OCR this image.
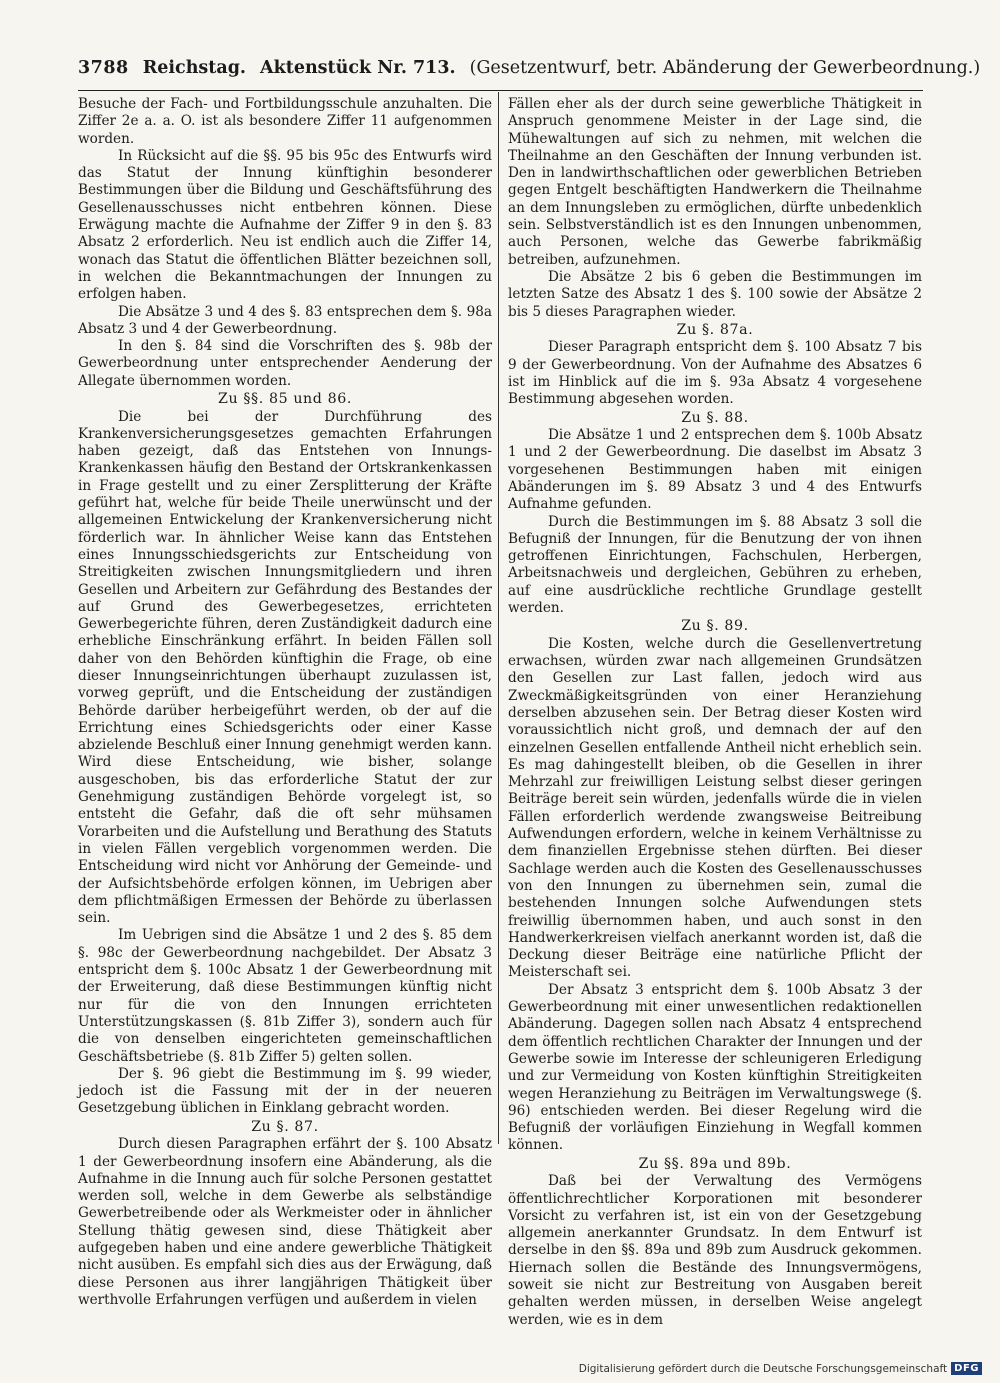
3788 Reichstag. Aktenstück Nr. 713. (Gesetzentwurf, betr. Abänderung der Gewerbeordnung.)

Besuche der Fach- und Fortbildungsschule anzuhalten. Die Ziffer 2e a. a. O. ist als besondere Ziffer 11 aufgenommen worden.

In Rücksicht auf die §§. 95 bis 95c des Entwurfs wird das Statut der Innung künftighin besonderer Bestimmungen über die Bildung und Geschäftsführung des Gesellenausschusses nicht entbehren können. Diese Erwägung machte die Aufnahme der Ziffer 9 in den §. 83 Absatz 2 erforderlich. Neu ist endlich auch die Ziffer 14, wonach das Statut die öffentlichen Blätter bezeichnen soll, in welchen die Bekanntmachungen der Innungen zu erfolgen haben.

Die Absätze 3 und 4 des §. 83 entsprechen dem §. 98a Absatz 3 und 4 der Gewerbeordnung.

In den §. 84 sind die Vorschriften des §. 98b der Gewerbeordnung unter entsprechender Aenderung der Allegate übernommen worden.

Zu §§. 85 und 86.

Die bei der Durchführung des Krankenversicherungsgesetzes gemachten Erfahrungen haben gezeigt, daß das Entstehen von Innungs-Krankenkassen häufig den Bestand der Ortskrankenkassen in Frage gestellt und zu einer Zersplitterung der Kräfte geführt hat, welche für beide Theile unerwünscht und der allgemeinen Entwickelung der Krankenversicherung nicht förderlich war. In ähnlicher Weise kann das Entstehen eines Innungsschiedsgerichts zur Entscheidung von Streitigkeiten zwischen Innungsmitgliedern und ihren Gesellen und Arbeitern zur Gefährdung des Bestandes der auf Grund des Gewerbegesetzes, errichteten Gewerbegerichte führen, deren Zuständigkeit dadurch eine erhebliche Einschränkung erfährt. In beiden Fällen soll daher von den Behörden künftighin die Frage, ob eine dieser Innungseinrichtungen überhaupt zuzulassen ist, vorweg geprüft, und die Entscheidung der zuständigen Behörde darüber herbeigeführt werden, ob der auf die Errichtung eines Schiedsgerichts oder einer Kasse abzielende Beschluß einer Innung genehmigt werden kann. Wird diese Entscheidung, wie bisher, solange ausgeschoben, bis das erforderliche Statut der zur Genehmigung zuständigen Behörde vorgelegt ist, so entsteht die Gefahr, daß die oft sehr mühsamen Vorarbeiten und die Aufstellung und Berathung des Statuts in vielen Fällen vergeblich vorgenommen werden. Die Entscheidung wird nicht vor Anhörung der Gemeinde- und der Aufsichtsbehörde erfolgen können, im Uebrigen aber dem pflichtmäßigen Ermessen der Behörde zu überlassen sein.

Im Uebrigen sind die Absätze 1 und 2 des §. 85 dem §. 98c der Gewerbeordnung nachgebildet. Der Absatz 3 entspricht dem §. 100c Absatz 1 der Gewerbeordnung mit der Erweiterung, daß diese Bestimmungen künftig nicht nur für die von den Innungen errichteten Unterstützungskassen (§. 81b Ziffer 3), sondern auch für die von denselben eingerichteten gemeinschaftlichen Geschäftsbetriebe (§. 81b Ziffer 5) gelten sollen.

Der §. 96 giebt die Bestimmung im §. 99 wieder, jedoch ist die Fassung mit der in der neueren Gesetzgebung üblichen in Einklang gebracht worden.

Zu §. 87.

Durch diesen Paragraphen erfährt der §. 100 Absatz 1 der Gewerbeordnung insofern eine Abänderung, als die Aufnahme in die Innung auch für solche Personen gestattet werden soll, welche in dem Gewerbe als selbständige Gewerbetreibende oder als Werkmeister oder in ähnlicher Stellung thätig gewesen sind, diese Thätigkeit aber aufgegeben haben und eine andere gewerbliche Thätigkeit nicht ausüben. Es empfahl sich dies aus der Erwägung, daß diese Personen aus ihrer langjährigen Thätigkeit über werthvolle Erfahrungen verfügen und außerdem in vielen

Fällen eher als der durch seine gewerbliche Thätigkeit in Anspruch genommene Meister in der Lage sind, die Mühewaltungen auf sich zu nehmen, mit welchen die Theilnahme an den Geschäften der Innung verbunden ist. Den in landwirthschaftlichen oder gewerblichen Betrieben gegen Entgelt beschäftigten Handwerkern die Theilnahme an dem Innungsleben zu ermöglichen, dürfte unbedenklich sein. Selbstverständlich ist es den Innungen unbenommen, auch Personen, welche das Gewerbe fabrikmäßig betreiben, aufzunehmen.

Die Absätze 2 bis 6 geben die Bestimmungen im letzten Satze des Absatz 1 des §. 100 sowie der Absätze 2 bis 5 dieses Paragraphen wieder.

Zu §. 87a.

Dieser Paragraph entspricht dem §. 100 Absatz 7 bis 9 der Gewerbeordnung. Von der Aufnahme des Absatzes 6 ist im Hinblick auf die im §. 93a Absatz 4 vorgesehene Bestimmung abgesehen worden.

Zu §. 88.

Die Absätze 1 und 2 entsprechen dem §. 100b Absatz 1 und 2 der Gewerbeordnung. Die daselbst im Absatz 3 vorgesehenen Bestimmungen haben mit einigen Abänderungen im §. 89 Absatz 3 und 4 des Entwurfs Aufnahme gefunden.

Durch die Bestimmungen im §. 88 Absatz 3 soll die Befugniß der Innungen, für die Benutzung der von ihnen getroffenen Einrichtungen, Fachschulen, Herbergen, Arbeitsnachweis und dergleichen, Gebühren zu erheben, auf eine ausdrückliche rechtliche Grundlage gestellt werden.

Zu §. 89.

Die Kosten, welche durch die Gesellenvertretung erwachsen, würden zwar nach allgemeinen Grundsätzen den Gesellen zur Last fallen, jedoch wird aus Zweckmäßigkeitsgründen von einer Heranziehung derselben abzusehen sein. Der Betrag dieser Kosten wird voraussichtlich nicht groß, und demnach der auf den einzelnen Gesellen entfallende Antheil nicht erheblich sein. Es mag dahingestellt bleiben, ob die Gesellen in ihrer Mehrzahl zur freiwilligen Leistung selbst dieser geringen Beiträge bereit sein würden, jedenfalls würde die in vielen Fällen erforderlich werdende zwangsweise Beitreibung Aufwendungen erfordern, welche in keinem Verhältnisse zu dem finanziellen Ergebnisse stehen dürften. Bei dieser Sachlage werden auch die Kosten des Gesellenausschusses von den Innungen zu übernehmen sein, zumal die bestehenden Innungen solche Aufwendungen stets freiwillig übernommen haben, und auch sonst in den Handwerkerkreisen vielfach anerkannt worden ist, daß die Deckung dieser Beiträge eine natürliche Pflicht der Meisterschaft sei.

Der Absatz 3 entspricht dem §. 100b Absatz 3 der Gewerbeordnung mit einer unwesentlichen redaktionellen Abänderung. Dagegen sollen nach Absatz 4 entsprechend dem öffentlich rechtlichen Charakter der Innungen und der Gewerbe sowie im Interesse der schleunigeren Erledigung und zur Vermeidung von Kosten künftighin Streitigkeiten wegen Heranziehung zu Beiträgen im Verwaltungswege (§. 96) entschieden werden. Bei dieser Regelung wird die Befugniß der vorläufigen Einziehung in Wegfall kommen können.

Zu §§. 89a und 89b.

Daß bei der Verwaltung des Vermögens öffentlichrechtlicher Korporationen mit besonderer Vorsicht zu verfahren ist, ist ein von der Gesetzgebung allgemein anerkannter Grundsatz. In dem Entwurf ist derselbe in den §§. 89a und 89b zum Ausdruck gekommen. Hiernach sollen die Bestände des Innungsvermögens, soweit sie nicht zur Bestreitung von Ausgaben bereit gehalten werden müssen, in derselben Weise angelegt werden, wie es in dem

Digitalisierung gefördert durch die Deutsche Forschungsgemeinschaft DFG
